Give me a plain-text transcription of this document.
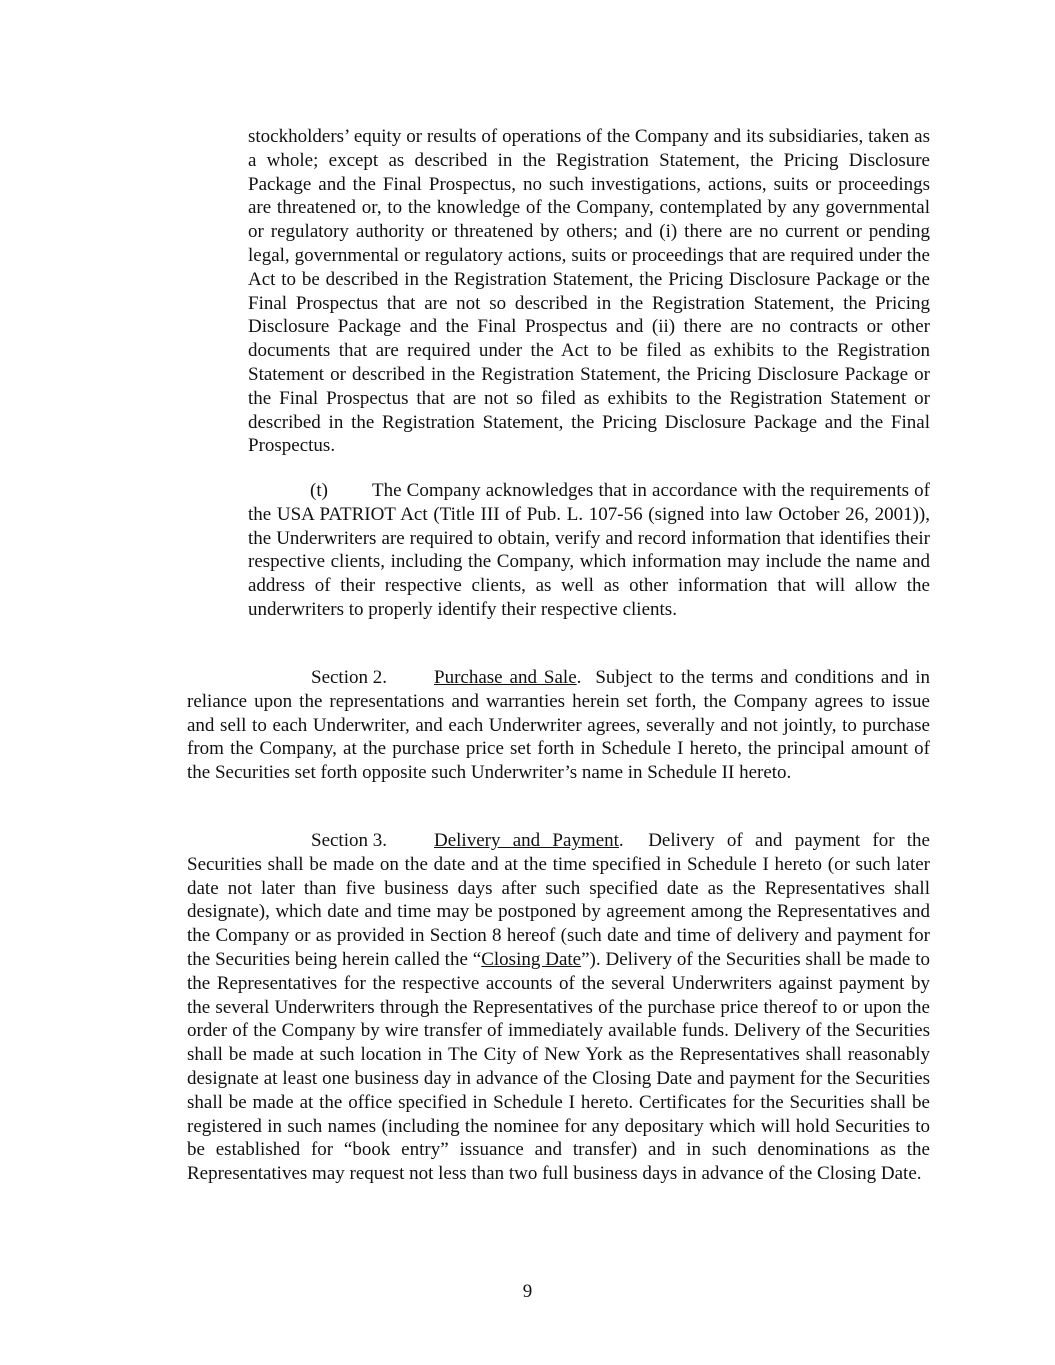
stockholders’ equity or results of operations of the Company and its subsidiaries, taken as a whole; except as described in the Registration Statement, the Pricing Disclosure Package and the Final Prospectus, no such investigations, actions, suits or proceedings are threatened or, to the knowledge of the Company, contemplated by any governmental or regulatory authority or threatened by others; and (i) there are no current or pending legal, governmental or regulatory actions, suits or proceedings that are required under the Act to be described in the Registration Statement, the Pricing Disclosure Package or the Final Prospectus that are not so described in the Registration Statement, the Pricing Disclosure Package and the Final Prospectus and (ii) there are no contracts or other documents that are required under the Act to be filed as exhibits to the Registration Statement or described in the Registration Statement, the Pricing Disclosure Package or the Final Prospectus that are not so filed as exhibits to the Registration Statement or described in the Registration Statement, the Pricing Disclosure Package and the Final Prospectus.

(t) The Company acknowledges that in accordance with the requirements of the USA PATRIOT Act (Title III of Pub. L. 107-56 (signed into law October 26, 2001)), the Underwriters are required to obtain, verify and record information that identifies their respective clients, including the Company, which information may include the name and address of their respective clients, as well as other information that will allow the underwriters to properly identify their respective clients.

Section 2. Purchase and Sale. Subject to the terms and conditions and in reliance upon the representations and warranties herein set forth, the Company agrees to issue and sell to each Underwriter, and each Underwriter agrees, severally and not jointly, to purchase from the Company, at the purchase price set forth in Schedule I hereto, the principal amount of the Securities set forth opposite such Underwriter’s name in Schedule II hereto.

Section 3. Delivery and Payment. Delivery of and payment for the Securities shall be made on the date and at the time specified in Schedule I hereto (or such later date not later than five business days after such specified date as the Representatives shall designate), which date and time may be postponed by agreement among the Representatives and the Company or as provided in Section 8 hereof (such date and time of delivery and payment for the Securities being herein called the “Closing Date”). Delivery of the Securities shall be made to the Representatives for the respective accounts of the several Underwriters against payment by the several Underwriters through the Representatives of the purchase price thereof to or upon the order of the Company by wire transfer of immediately available funds. Delivery of the Securities shall be made at such location in The City of New York as the Representatives shall reasonably designate at least one business day in advance of the Closing Date and payment for the Securities shall be made at the office specified in Schedule I hereto. Certificates for the Securities shall be registered in such names (including the nominee for any depositary which will hold Securities to be established for “book entry” issuance and transfer) and in such denominations as the Representatives may request not less than two full business days in advance of the Closing Date.

9
